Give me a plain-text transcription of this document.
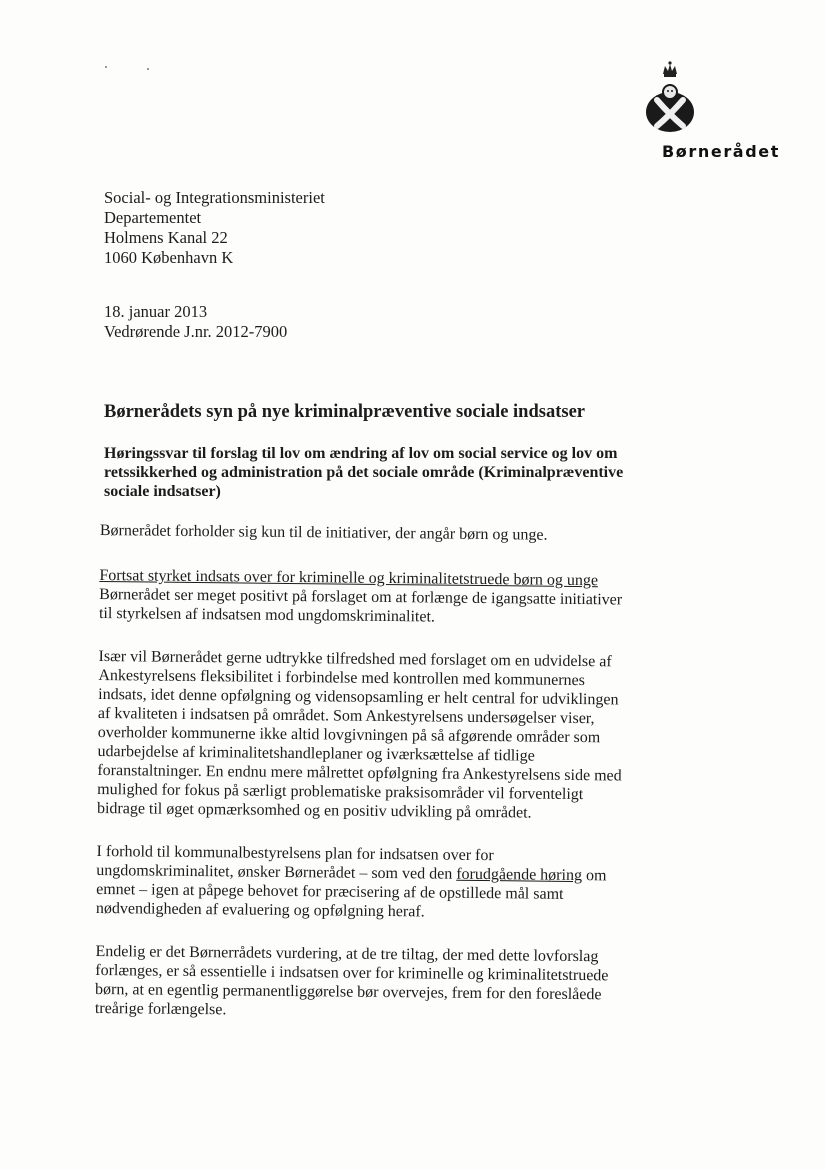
Børnerådet
Social- og Integrationsministeriet
Departementet
Holmens Kanal 22
1060 København K
18. januar 2013
Vedrørende J.nr. 2012-7900
Børnerådets syn på nye kriminalpræventive sociale indsatser
Høringssvar til forslag til lov om ændring af lov om social service og lov om retssikkerhed og administration på det sociale område (Kriminalpræventive sociale indsatser)

Børnerådet forholder sig kun til de initiativer, der angår børn og unge.

Fortsat styrket indsats over for kriminelle og kriminalitetstruede børn og unge
Børnerådet ser meget positivt på forslaget om at forlænge de igangsatte initiativer til styrkelsen af indsatsen mod ungdomskriminalitet.

Især vil Børnerådet gerne udtrykke tilfredshed med forslaget om en udvidelse af Ankestyrelsens fleksibilitet i forbindelse med kontrollen med kommunernes indsats, idet denne opfølgning og vidensopsamling er helt central for udviklingen af kvaliteten i indsatsen på området. Som Ankestyrelsens undersøgelser viser, overholder kommunerne ikke altid lovgivningen på så afgørende områder som udarbejdelse af kriminalitetshandleplaner og iværksættelse af tidlige foranstaltninger. En endnu mere målrettet opfølgning fra Ankestyrelsens side med mulighed for fokus på særligt problematiske praksisområder vil forventeligt bidrage til øget opmærksomhed og en positiv udvikling på området.

I forhold til kommunalbestyrelsens plan for indsatsen over for ungdomskriminalitet, ønsker Børnerådet – som ved den forudgående høring om emnet – igen at påpege behovet for præcisering af de opstillede mål samt nødvendigheden af evaluering og opfølgning heraf.

Endelig er det Børnerrådets vurdering, at de tre tiltag, der med dette lovforslag forlænges, er så essentielle i indsatsen over for kriminelle og kriminalitetstruede børn, at en egentlig permanentliggørelse bør overvejes, frem for den foreslåede treårige forlængelse.
